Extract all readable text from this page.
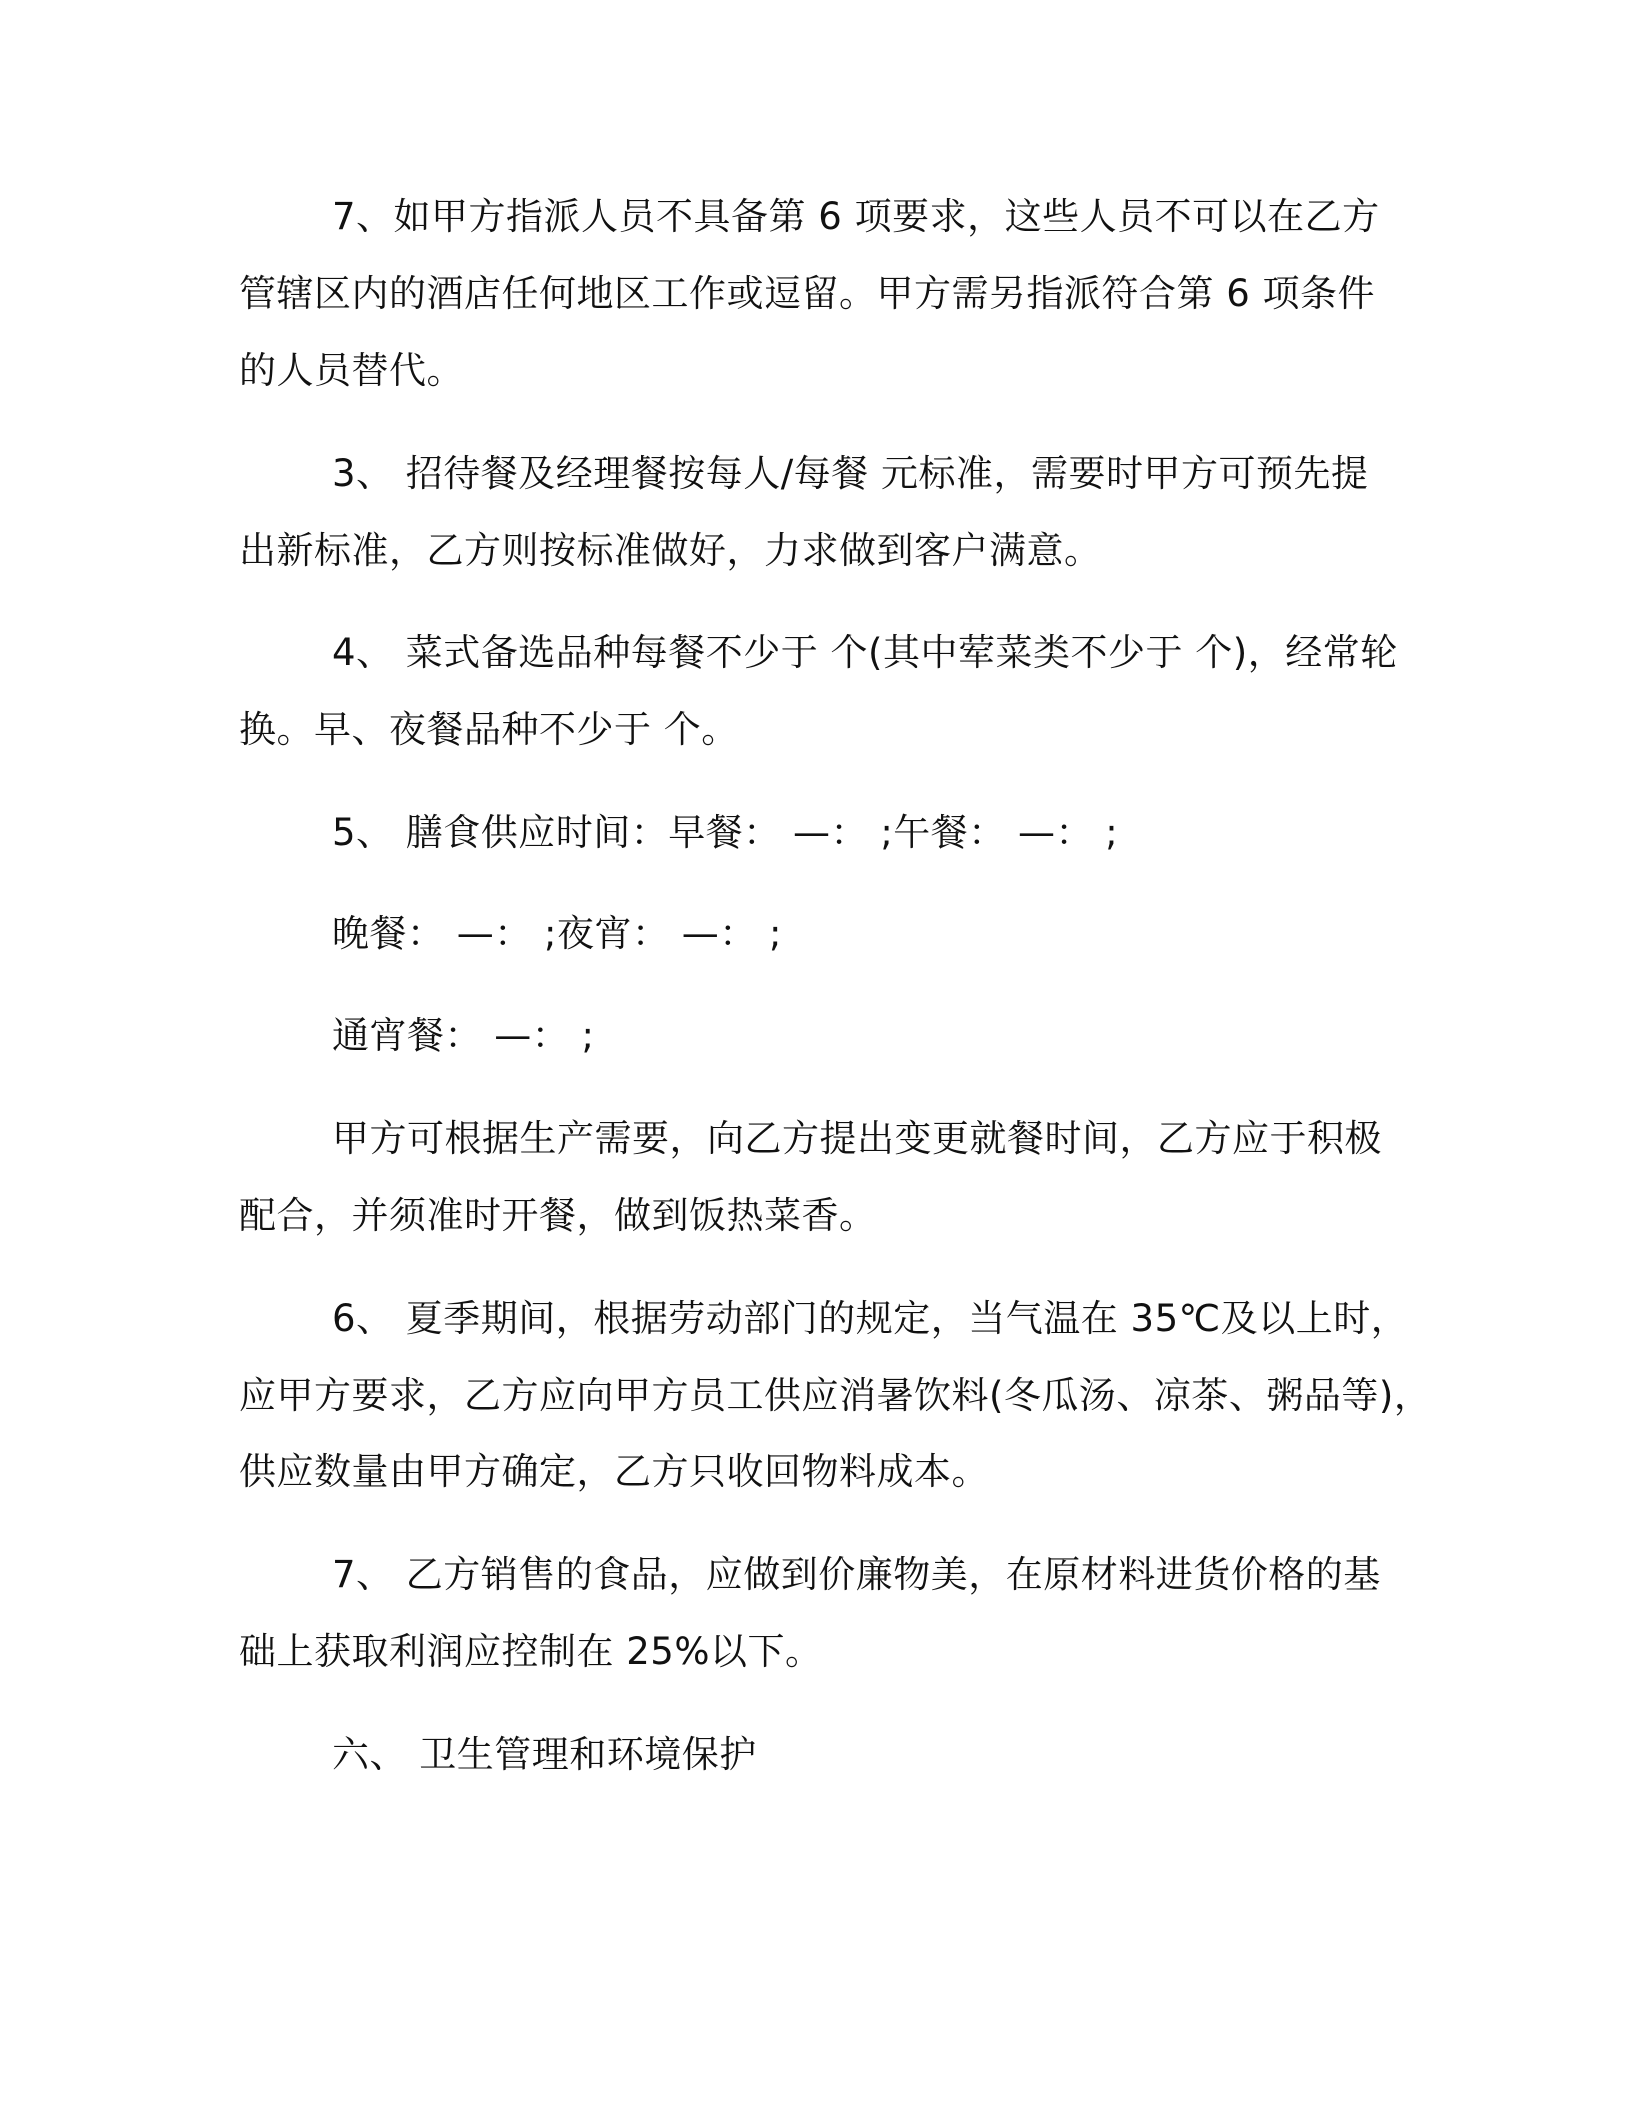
7、如甲方指派人员不具备第 6 项要求，这些人员不可以在乙方

管辖区内的酒店任何地区工作或逗留。甲方需另指派符合第 6 项条件

的人员替代。

3、 招待餐及经理餐按每人/每餐 元标准，需要时甲方可预先提

出新标准，乙方则按标准做好，力求做到客户满意。

4、 菜式备选品种每餐不少于 个(其中荤菜类不少于 个)，经常轮

换。早、夜餐品种不少于 个。

5、 膳食供应时间：早餐： —： ;午餐： —： ;

晚餐： —： ;夜宵： —： ;

通宵餐： —： ;

甲方可根据生产需要，向乙方提出变更就餐时间，乙方应于积极

配合，并须准时开餐，做到饭热菜香。

6、 夏季期间，根据劳动部门的规定，当气温在 35℃及以上时，

应甲方要求，乙方应向甲方员工供应消暑饮料(冬瓜汤、凉茶、粥品等)，

供应数量由甲方确定，乙方只收回物料成本。

7、 乙方销售的食品，应做到价廉物美，在原材料进货价格的基

础上获取利润应控制在 25%以下。

六、 卫生管理和环境保护
